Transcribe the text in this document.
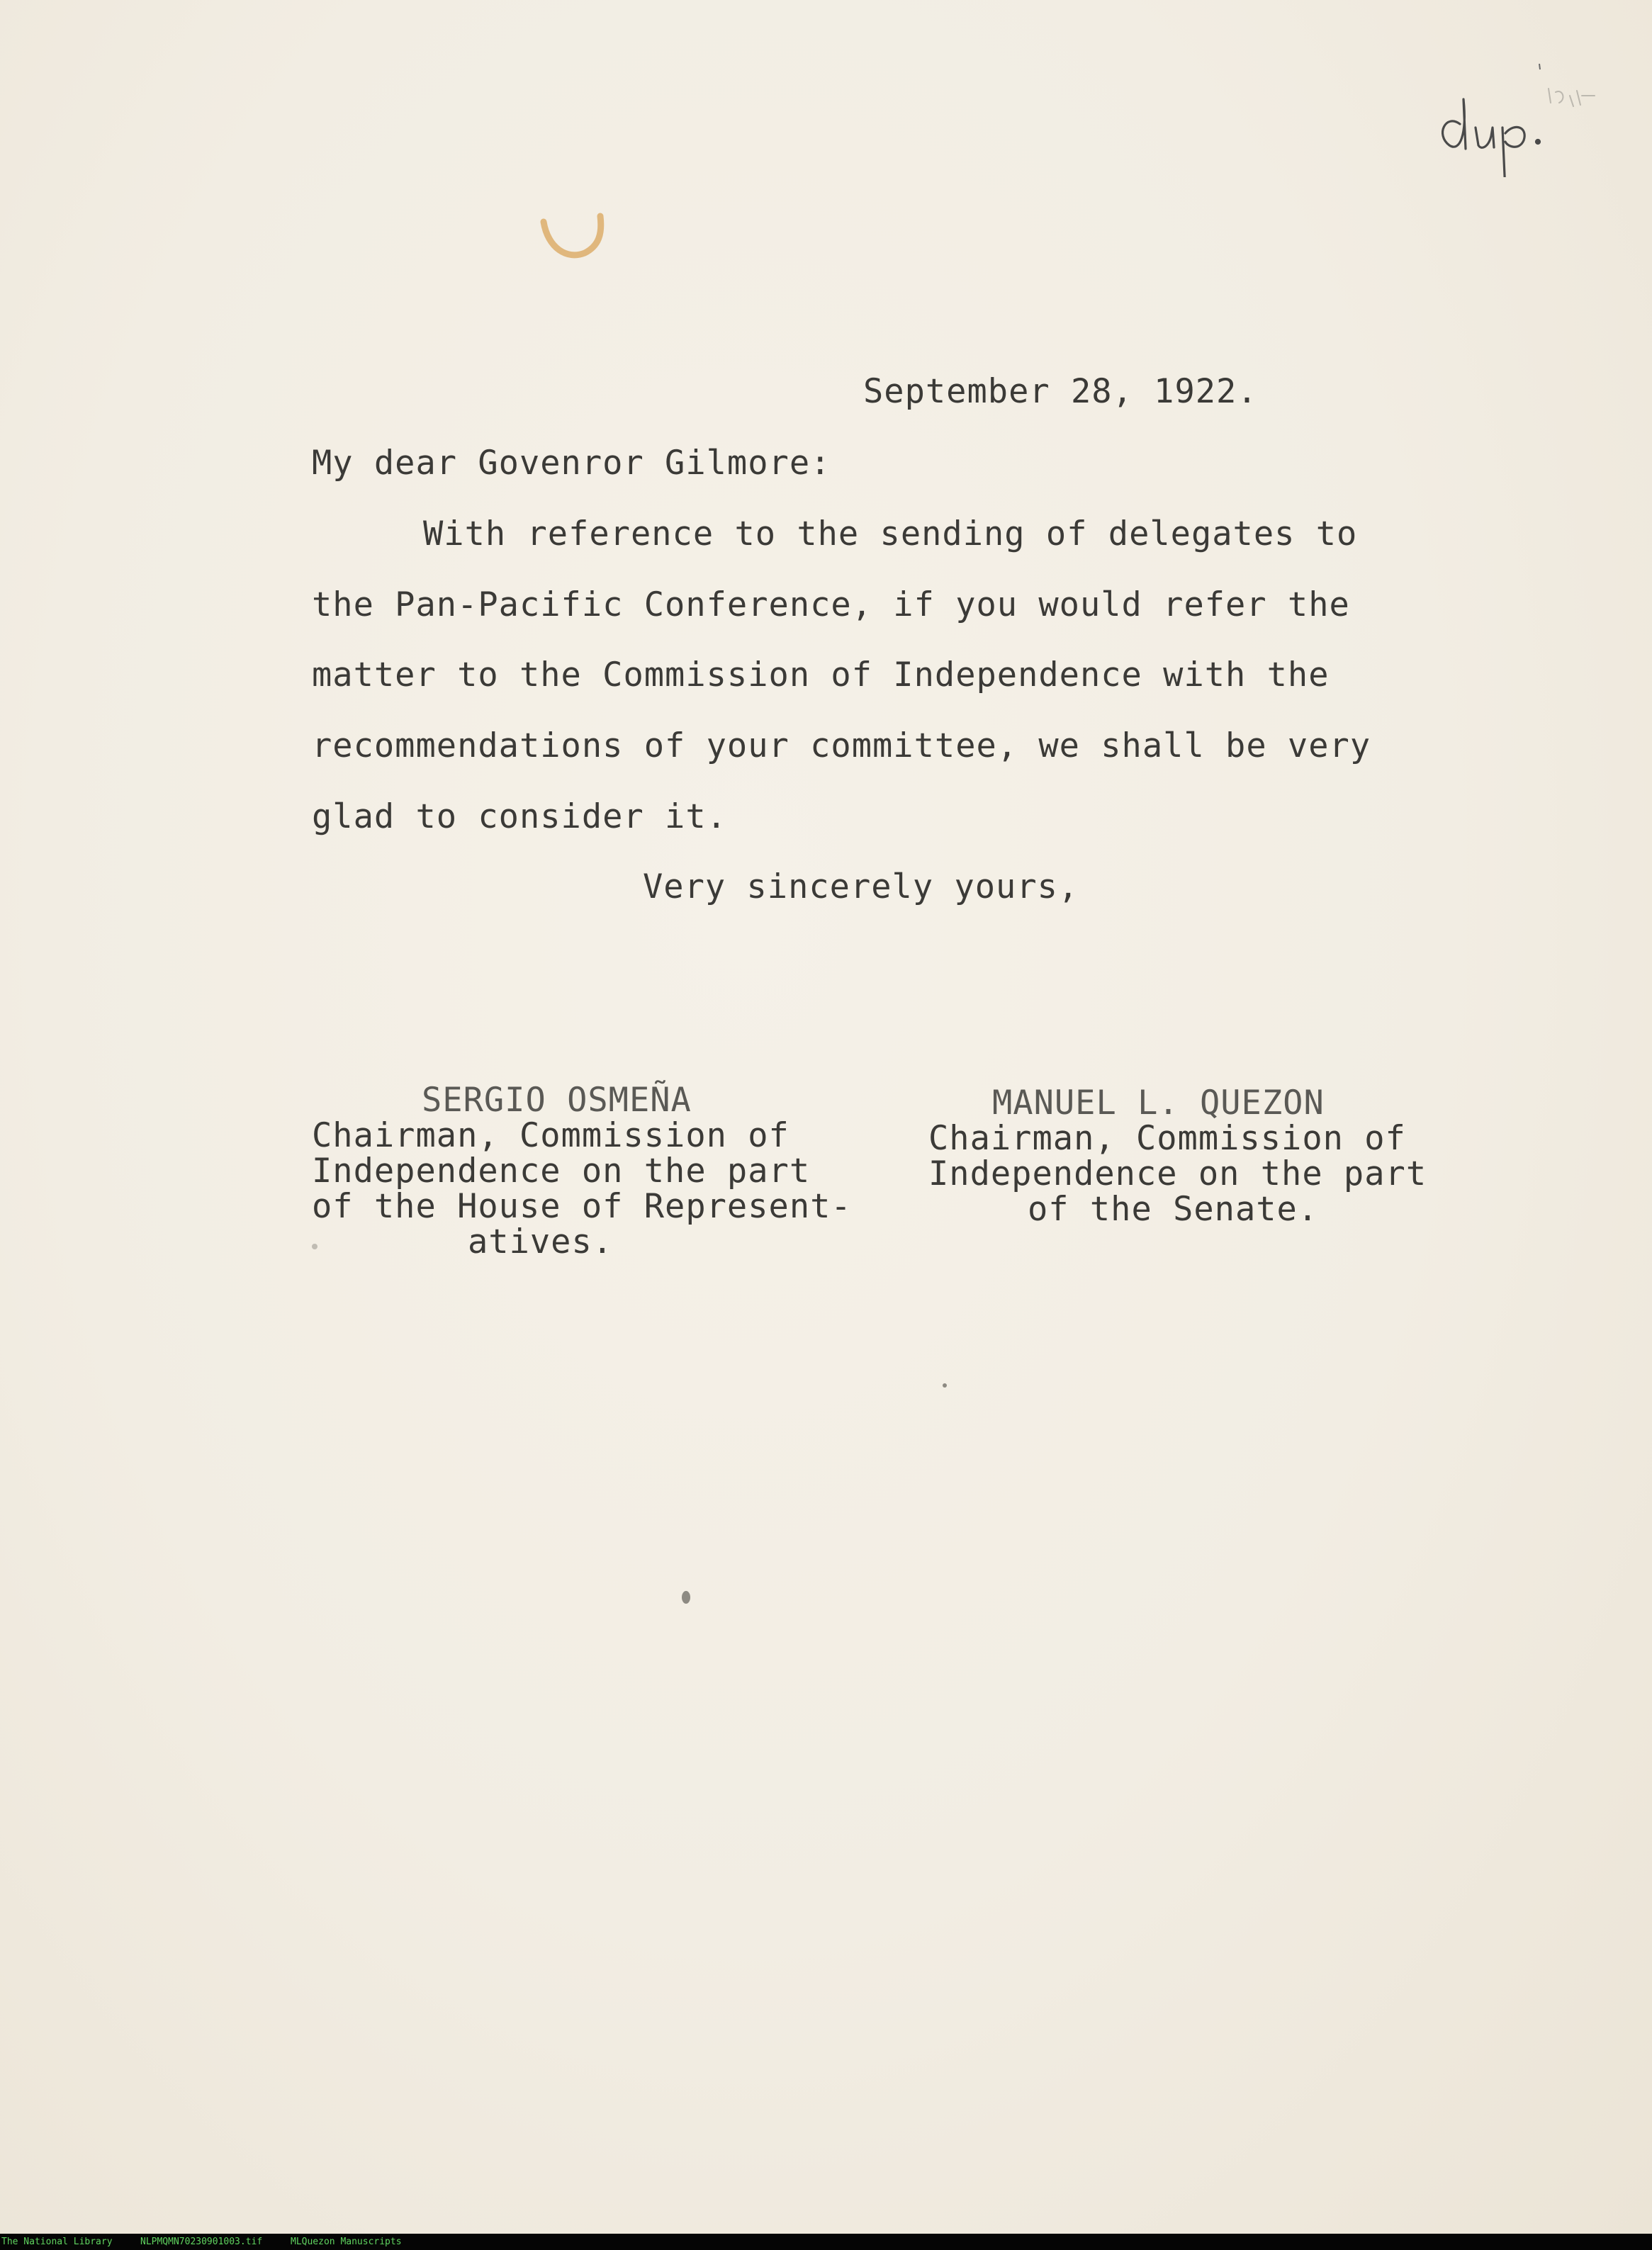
September 28, 1922.

My dear Govenror Gilmore:

With reference to the sending of delegates to

the Pan-Pacific Conference, if you would refer the

matter to the Commission of Independence with the

recommendations of your committee, we shall be very

glad to consider it.

Very sincerely yours,

SERGIO OSMEÑA

Chairman, Commission of

Independence on the part

of the House of Represent-

atives.

MANUEL L. QUEZON

Chairman, Commission of

Independence on the part

of the Senate.

The National Library	NLPMQMN70230901003.tif	MLQuezon Manuscripts
